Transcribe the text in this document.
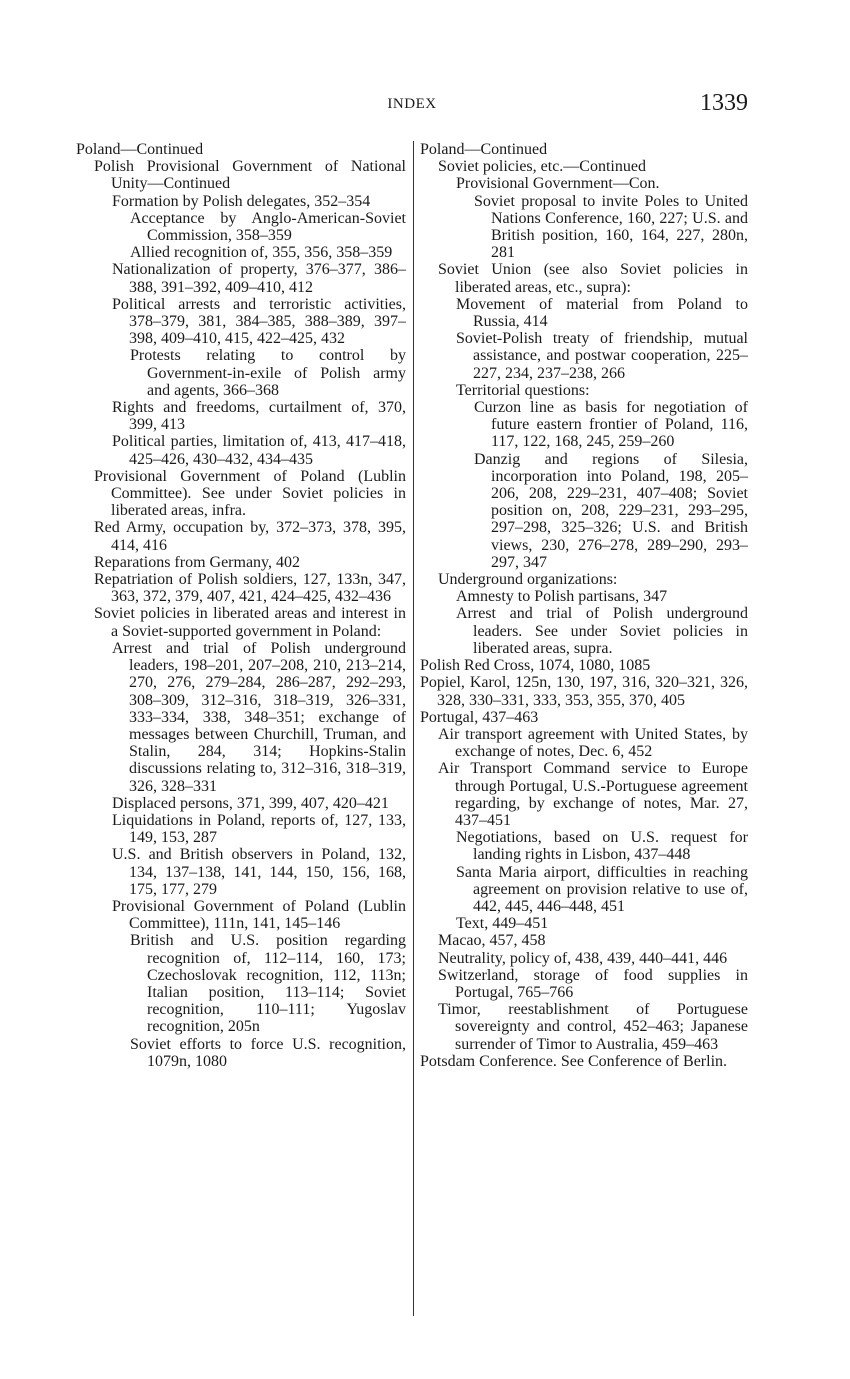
INDEX	1339

Poland—Continued

Polish Provisional Government of National Unity—Continued

Formation by Polish delegates, 352–354

Acceptance by Anglo-American-Soviet Commission, 358–359

Allied recognition of, 355, 356, 358–359

Nationalization of property, 376–377, 386–388, 391–392, 409–410, 412

Political arrests and terroristic activities, 378–379, 381, 384–385, 388–389, 397–398, 409–410, 415, 422–425, 432

Protests relating to control by Government-in-exile of Polish army and agents, 366–368

Rights and freedoms, curtailment of, 370, 399, 413

Political parties, limitation of, 413, 417–418, 425–426, 430–432, 434–435

Provisional Government of Poland (Lublin Committee). See under Soviet policies in liberated areas, infra.

Red Army, occupation by, 372–373, 378, 395, 414, 416

Reparations from Germany, 402

Repatriation of Polish soldiers, 127, 133n, 347, 363, 372, 379, 407, 421, 424–425, 432–436

Soviet policies in liberated areas and interest in a Soviet-supported government in Poland:

Arrest and trial of Polish underground leaders, 198–201, 207–208, 210, 213–214, 270, 276, 279–284, 286–287, 292–293, 308–309, 312–316, 318–319, 326–331, 333–334, 338, 348–351; exchange of messages between Churchill, Truman, and Stalin, 284, 314; Hopkins-Stalin discussions relating to, 312–316, 318–319, 326, 328–331

Displaced persons, 371, 399, 407, 420–421

Liquidations in Poland, reports of, 127, 133, 149, 153, 287

U.S. and British observers in Poland, 132, 134, 137–138, 141, 144, 150, 156, 168, 175, 177, 279

Provisional Government of Poland (Lublin Committee), 111n, 141, 145–146

British and U.S. position regarding recognition of, 112–114, 160, 173; Czechoslovak recognition, 112, 113n; Italian position, 113–114; Soviet recognition, 110–111; Yugoslav recognition, 205n

Soviet efforts to force U.S. recognition, 1079n, 1080

Poland—Continued

Soviet policies, etc.—Continued

Provisional Government—Con.

Soviet proposal to invite Poles to United Nations Conference, 160, 227; U.S. and British position, 160, 164, 227, 280n, 281

Soviet Union (see also Soviet policies in liberated areas, etc., supra):

Movement of material from Poland to Russia, 414

Soviet-Polish treaty of friendship, mutual assistance, and postwar cooperation, 225–227, 234, 237–238, 266

Territorial questions:

Curzon line as basis for negotiation of future eastern frontier of Poland, 116, 117, 122, 168, 245, 259–260

Danzig and regions of Silesia, incorporation into Poland, 198, 205–206, 208, 229–231, 407–408; Soviet position on, 208, 229–231, 293–295, 297–298, 325–326; U.S. and British views, 230, 276–278, 289–290, 293–297, 347

Underground organizations:

Amnesty to Polish partisans, 347

Arrest and trial of Polish underground leaders. See under Soviet policies in liberated areas, supra.

Polish Red Cross, 1074, 1080, 1085

Popiel, Karol, 125n, 130, 197, 316, 320–321, 326, 328, 330–331, 333, 353, 355, 370, 405

Portugal, 437–463

Air transport agreement with United States, by exchange of notes, Dec. 6, 452

Air Transport Command service to Europe through Portugal, U.S.-Portuguese agreement regarding, by exchange of notes, Mar. 27, 437–451

Negotiations, based on U.S. request for landing rights in Lisbon, 437–448

Santa Maria airport, difficulties in reaching agreement on provision relative to use of, 442, 445, 446–448, 451

Text, 449–451

Macao, 457, 458

Neutrality, policy of, 438, 439, 440–441, 446

Switzerland, storage of food supplies in Portugal, 765–766

Timor, reestablishment of Portuguese sovereignty and control, 452–463; Japanese surrender of Timor to Australia, 459–463

Potsdam Conference. See Conference of Berlin.
